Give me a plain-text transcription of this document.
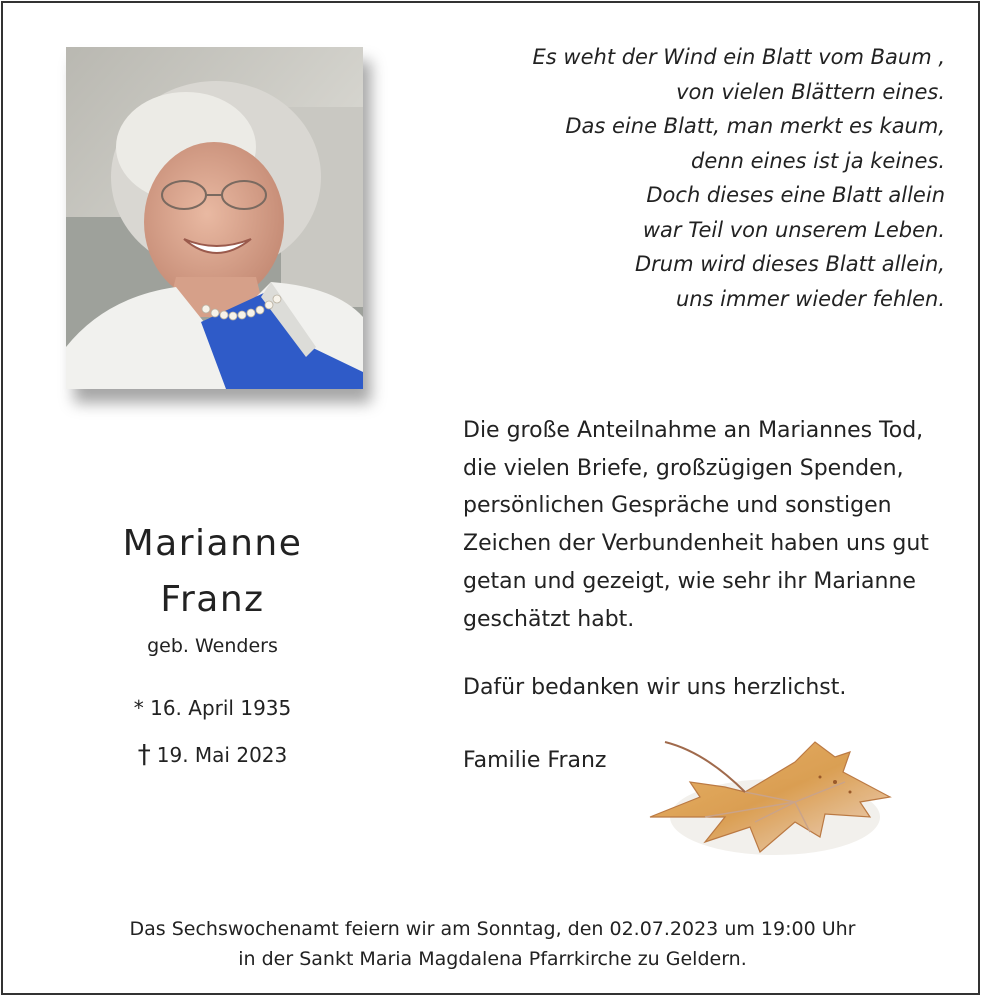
Es weht der Wind ein Blatt vom Baum ,
von vielen Blättern eines.
Das eine Blatt, man merkt es kaum,
denn eines ist ja keines.
Doch dieses eine Blatt allein
war Teil von unserem Leben.
Drum wird dieses Blatt allein,
uns immer wieder fehlen.
Die große Anteilnahme an Mariannes Tod,
die vielen Briefe, großzügigen Spenden,
persönlichen Gespräche und sonstigen
Zeichen der Verbundenheit haben uns gut
getan und gezeigt, wie sehr ihr Marianne
geschätzt habt.
Dafür bedanken wir uns herzlichst.
Familie Franz
Marianne
Franz
geb. Wenders
* 16. April 1935
† 19. Mai 2023
Das Sechswochenamt feiern wir am Sonntag, den 02.07.2023 um 19:00 Uhr
in der Sankt Maria Magdalena Pfarrkirche zu Geldern.
